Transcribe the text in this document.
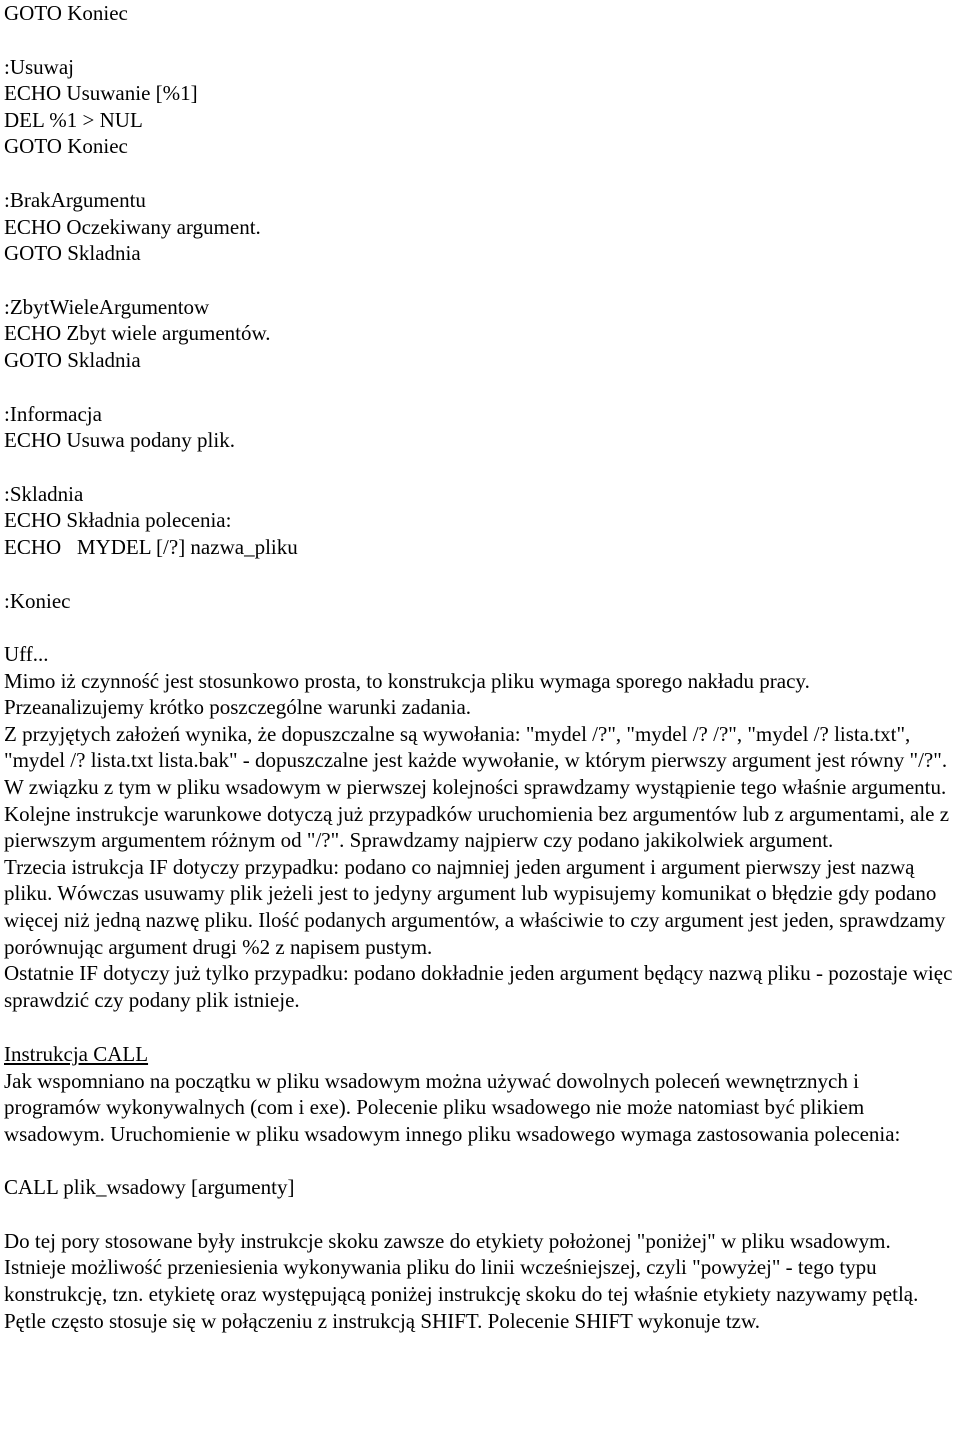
GOTO Koniec
:Usuwaj
ECHO Usuwanie [%1]
DEL %1 > NUL
GOTO Koniec
:BrakArgumentu
ECHO Oczekiwany argument.
GOTO Skladnia
:ZbytWieleArgumentow
ECHO Zbyt wiele argumentów.
GOTO Skladnia
:Informacja
ECHO Usuwa podany plik.
:Skladnia
ECHO Składnia polecenia:
ECHO   MYDEL [/?] nazwa_pliku
:Koniec
Uff...
Mimo iż czynność jest stosunkowo prosta, to konstrukcja pliku wymaga sporego nakładu pracy.
Przeanalizujemy krótko poszczególne warunki zadania.
Z przyjętych założeń wynika, że dopuszczalne są wywołania: "mydel /?", "mydel /? /?", "mydel /? lista.txt", "mydel /? lista.txt lista.bak" - dopuszczalne jest każde wywołanie, w którym pierwszy argument jest równy "/?". W związku z tym w pliku wsadowym w pierwszej kolejności sprawdzamy wystąpienie tego właśnie argumentu.
Kolejne instrukcje warunkowe dotyczą już przypadków uruchomienia bez argumentów lub z argumentami, ale z pierwszym argumentem różnym od "/?". Sprawdzamy najpierw czy podano jakikolwiek argument.
Trzecia istrukcja IF dotyczy przypadku: podano co najmniej jeden argument i argument pierwszy jest nazwą pliku. Wówczas usuwamy plik jeżeli jest to jedyny argument lub wypisujemy komunikat o błędzie gdy podano więcej niż jedną nazwę pliku. Ilość podanych argumentów, a właściwie to czy argument jest jeden, sprawdzamy porównując argument drugi %2 z napisem pustym.
Ostatnie IF dotyczy już tylko przypadku: podano dokładnie jeden argument będący nazwą pliku - pozostaje więc sprawdzić czy podany plik istnieje.
Instrukcja CALL
Jak wspomniano na początku w pliku wsadowym można używać dowolnych poleceń wewnętrznych i programów wykonywalnych (com i exe). Polecenie pliku wsadowego nie może natomiast być plikiem wsadowym. Uruchomienie w pliku wsadowym innego pliku wsadowego wymaga zastosowania polecenia:
CALL plik_wsadowy [argumenty]
Do tej pory stosowane były instrukcje skoku zawsze do etykiety położonej "poniżej" w pliku wsadowym. Istnieje możliwość przeniesienia wykonywania pliku do linii wcześniejszej, czyli "powyżej" - tego typu konstrukcję, tzn. etykietę oraz występującą poniżej instrukcję skoku do tej właśnie etykiety nazywamy pętlą.
Pętle często stosuje się w połączeniu z instrukcją SHIFT. Polecenie SHIFT wykonuje tzw.
